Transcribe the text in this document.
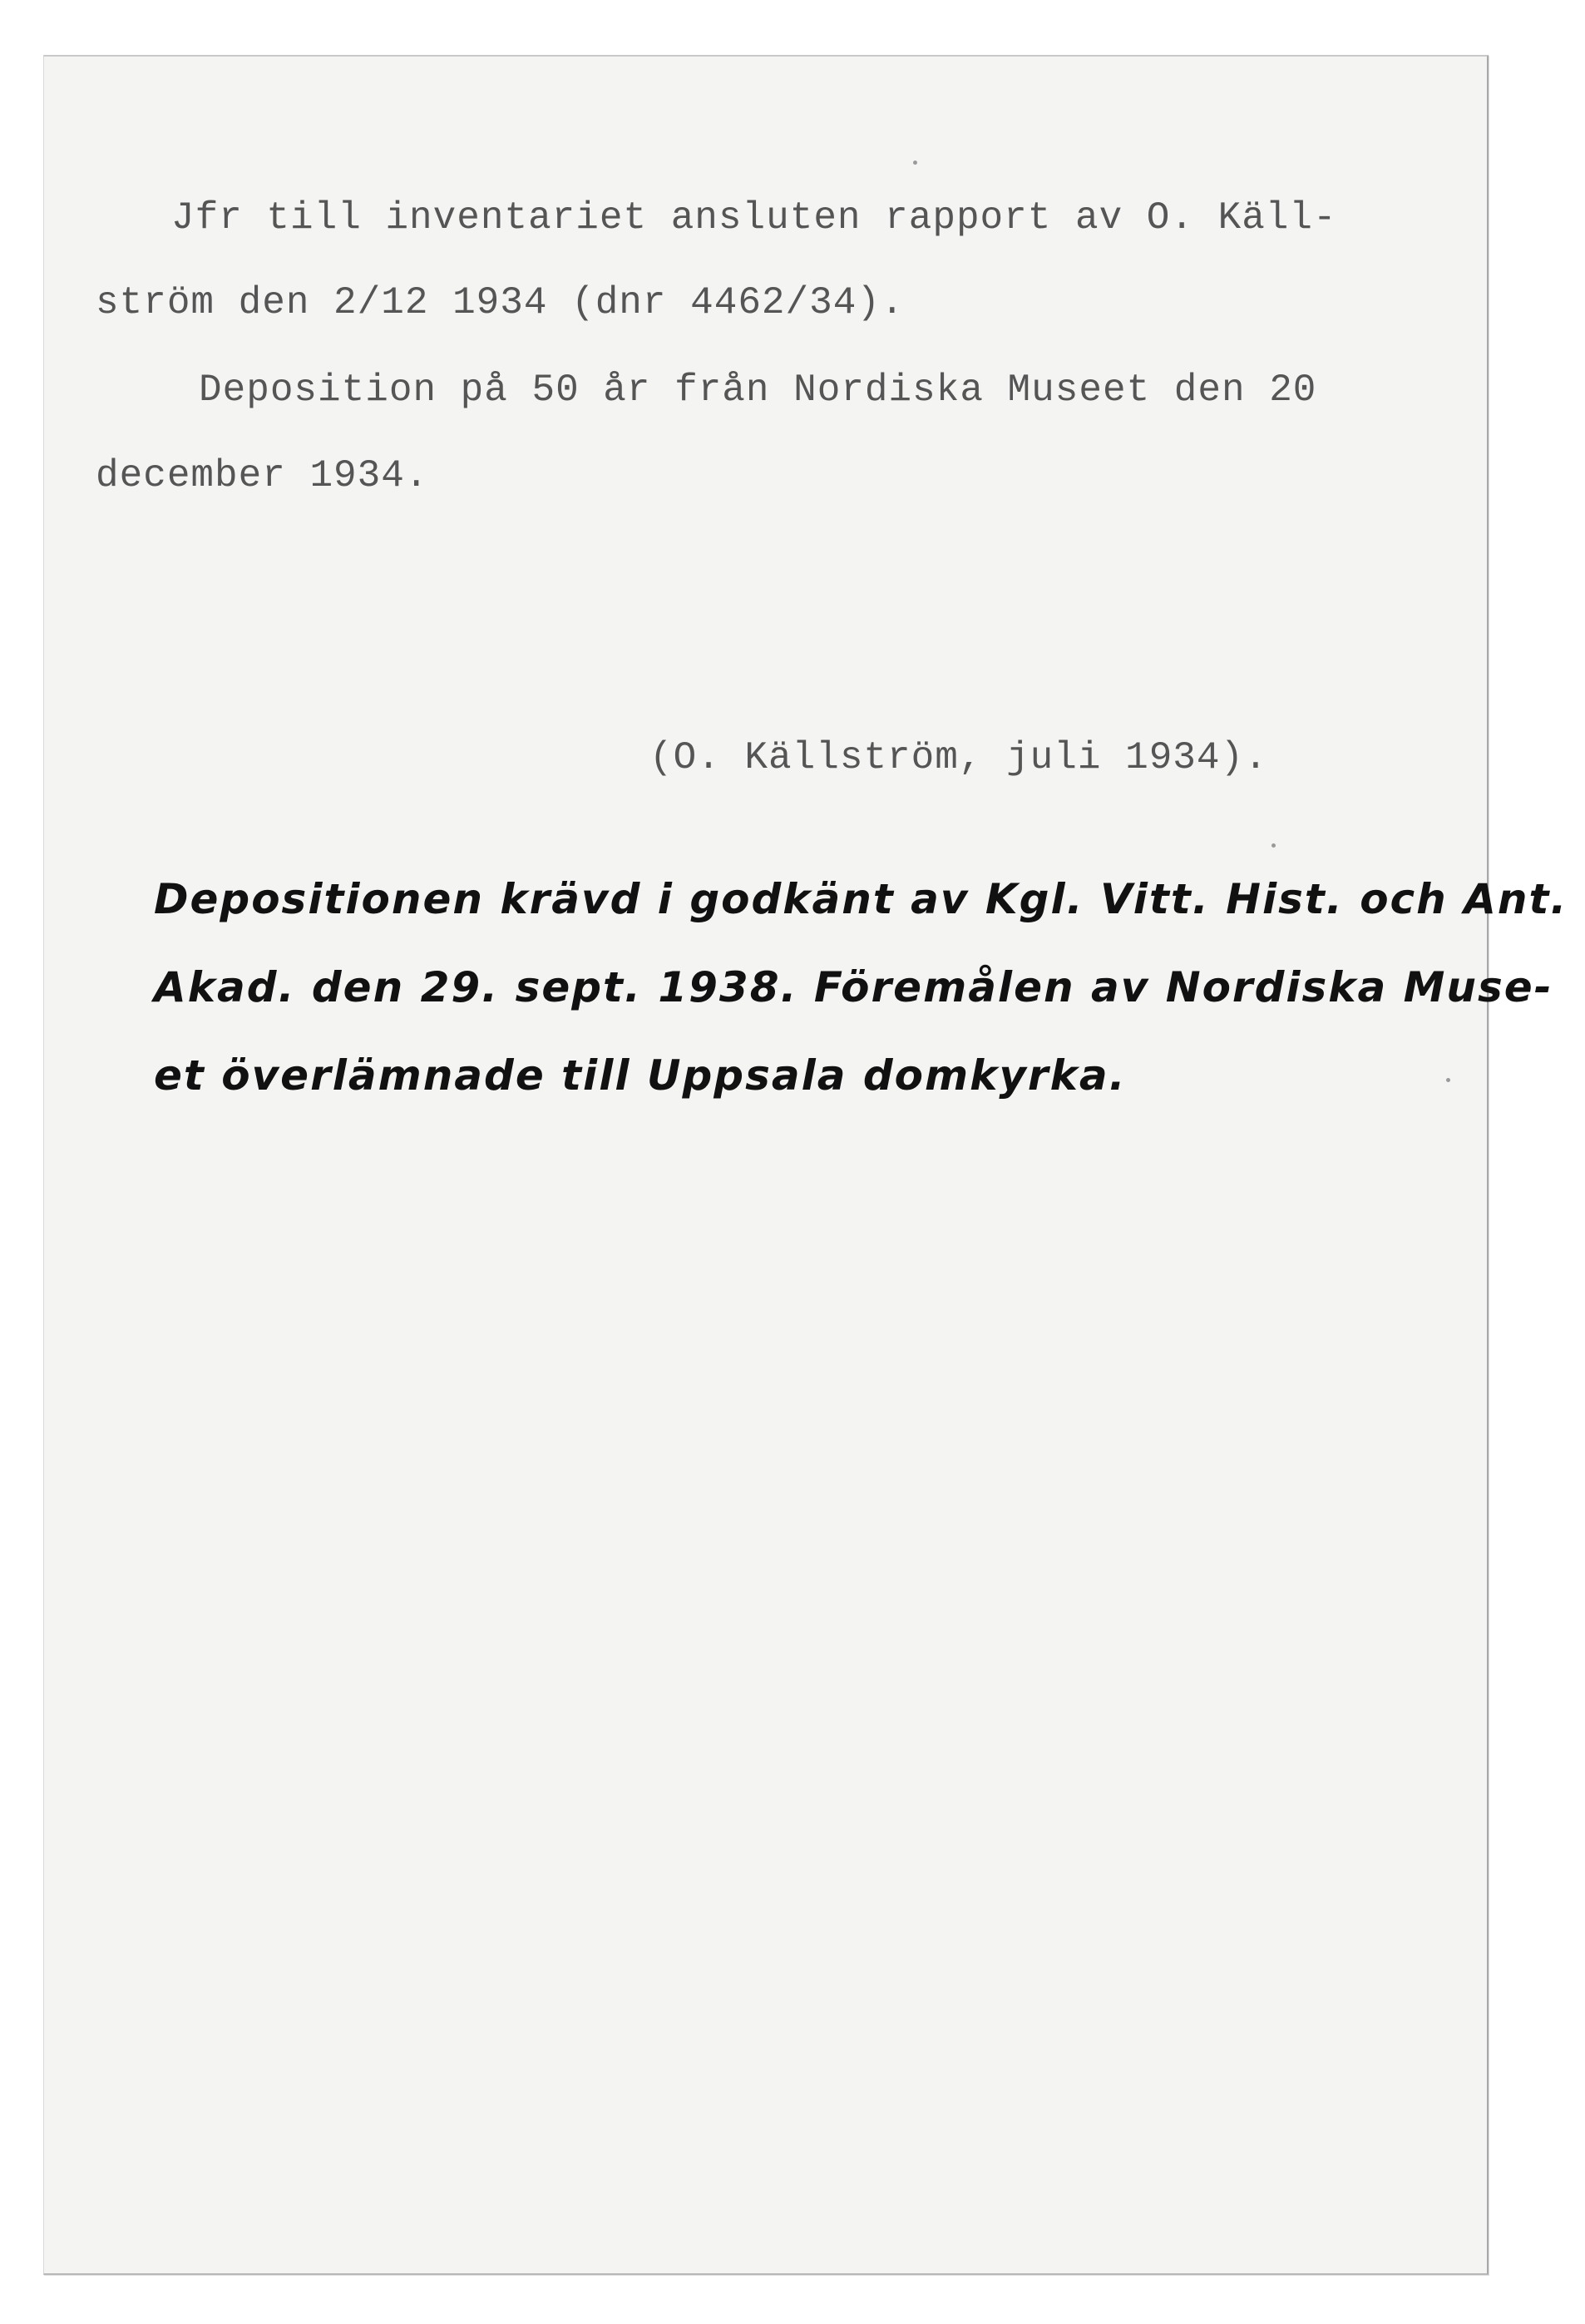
Jfr till inventariet ansluten rapport av O. Käll-

ström den 2/12 1934 (dnr 4462/34).

Deposition på 50 år från Nordiska Museet den 20

december 1934.

(O. Källström, juli 1934).

Depositionen krävd i godkänt av Kgl. Vitt. Hist. och Ant.

Akad. den 29. sept. 1938. Föremålen av Nordiska Muse-

et överlämnade till Uppsala domkyrka.
